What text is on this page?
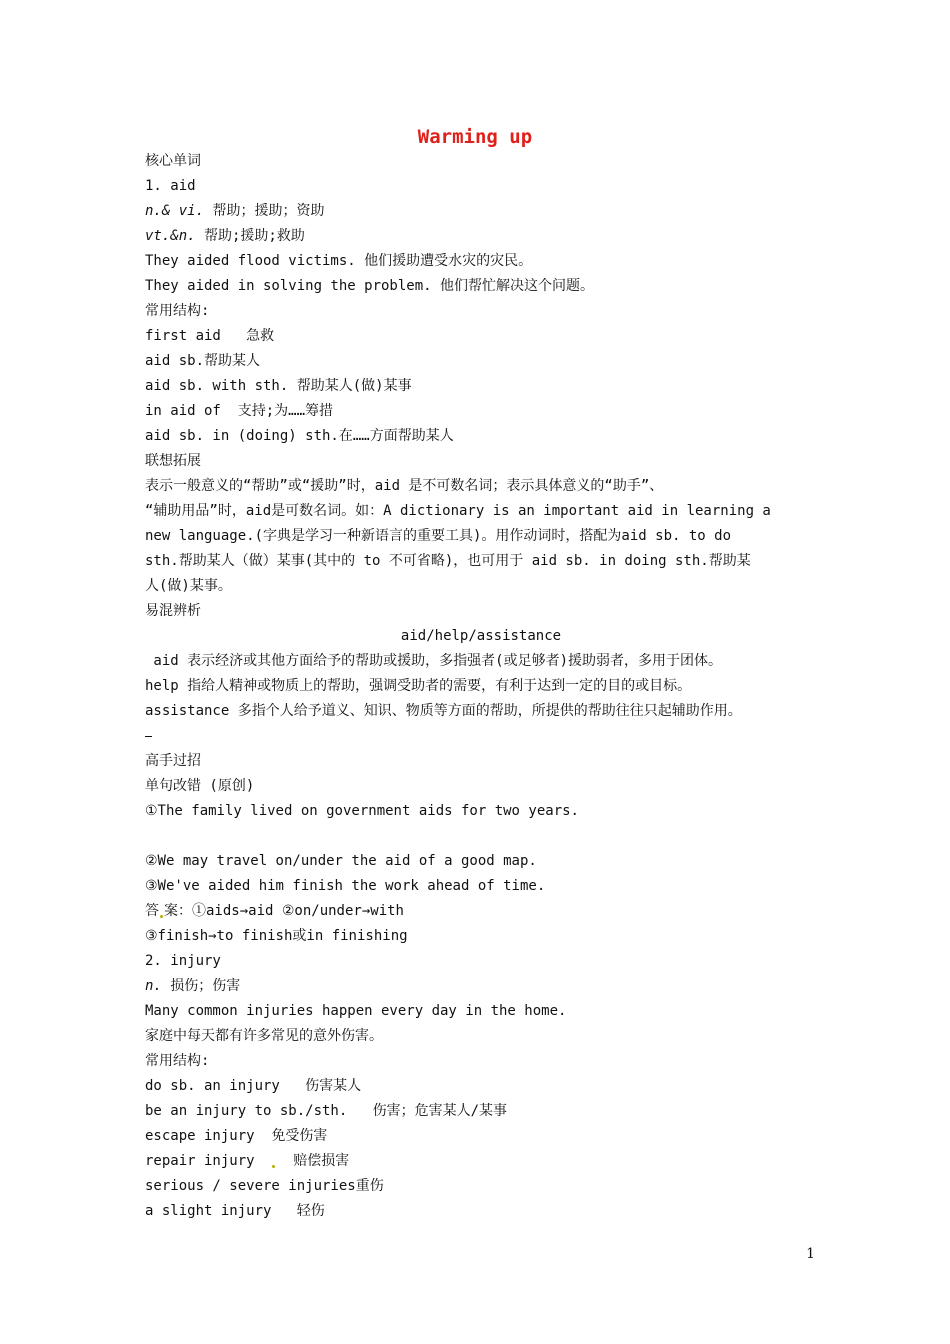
Warming up
核心单词
1. aid
n.& vi. 帮助；援助；资助
vt.&n. 帮助;援助;救助
They aided flood victims. 他们援助遭受水灾的灾民。
They aided in solving the problem. 他们帮忙解决这个问题。
常用结构:
first aid   急救
aid sb.帮助某人
aid sb. with sth. 帮助某人(做)某事
in aid of  支持;为……筹措
aid sb. in (doing) sth.在……方面帮助某人
联想拓展
表示一般意义的“帮助”或“援助”时，aid 是不可数名词；表示具体意义的“助手”、
“辅助用品”时，aid是可数名词。如：A dictionary is an important aid in learning a
new language.(字典是学习一种新语言的重要工具)。用作动词时，搭配为aid sb. to do
sth.帮助某人（做）某事(其中的 to 不可省略)，也可用于 aid sb. in doing sth.帮助某
人(做)某事。
易混辨析
aid/help/assistance
aid 表示经济或其他方面给予的帮助或援助，多指强者(或足够者)援助弱者，多用于团体。
help 指给人精神或物质上的帮助，强调受助者的需要，有利于达到一定的目的或目标。
assistance 多指个人给予道义、知识、物质等方面的帮助，所提供的帮助往往只起辅助作用。
高手过招
单句改错 (原创)
①The family lived on government aids for two years.
②We may travel on/under the aid of a good map.
③We've aided him finish the work ahead of time.
答 案：①aids→aid ②on/under→with
③finish→to finish或in finishing
2. injury
n. 损伤；伤害
Many common injuries happen every day in the home.
家庭中每天都有许多常见的意外伤害。
常用结构:
do sb. an injury   伤害某人
be an injury to sb./sth.   伤害；危害某人/某事
escape injury  免受伤害
repair injury    赔偿损害
serious / severe injuries重伤
a slight injury   轻伤
1
